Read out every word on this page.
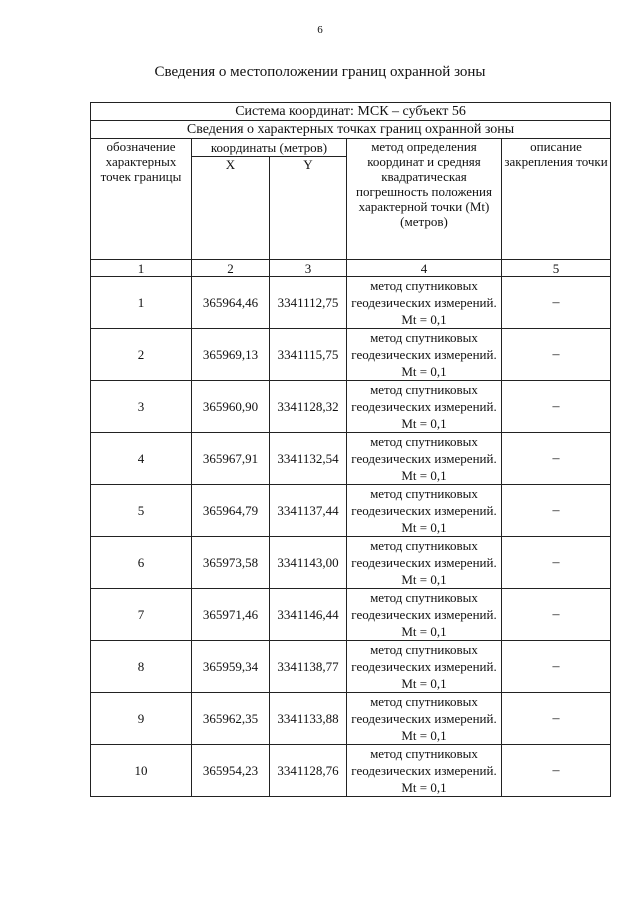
6
Сведения о местоположении границ охранной зоны
Система координат: МСК – субъект 56				
Сведения о характерных точках границ охранной зоны				
обозначение характерных точек границы	координаты (метров)		метод определения координат и средняя квадратическая погрешность положения характерной точки (Mt) (метров)	описание закрепления точки
	X	Y		
1	2	3	4	5
1	365964,46	3341112,75	метод спутниковых геодезических измерений. Mt = 0,1	–
2	365969,13	3341115,75	метод спутниковых геодезических измерений. Mt = 0,1	–
3	365960,90	3341128,32	метод спутниковых геодезических измерений. Mt = 0,1	–
4	365967,91	3341132,54	метод спутниковых геодезических измерений. Mt = 0,1	–
5	365964,79	3341137,44	метод спутниковых геодезических измерений. Mt = 0,1	–
6	365973,58	3341143,00	метод спутниковых геодезических измерений. Mt = 0,1	–
7	365971,46	3341146,44	метод спутниковых геодезических измерений. Mt = 0,1	–
8	365959,34	3341138,77	метод спутниковых геодезических измерений. Mt = 0,1	–
9	365962,35	3341133,88	метод спутниковых геодезических измерений. Mt = 0,1	–
10	365954,23	3341128,76	метод спутниковых геодезических измерений. Mt = 0,1	–
